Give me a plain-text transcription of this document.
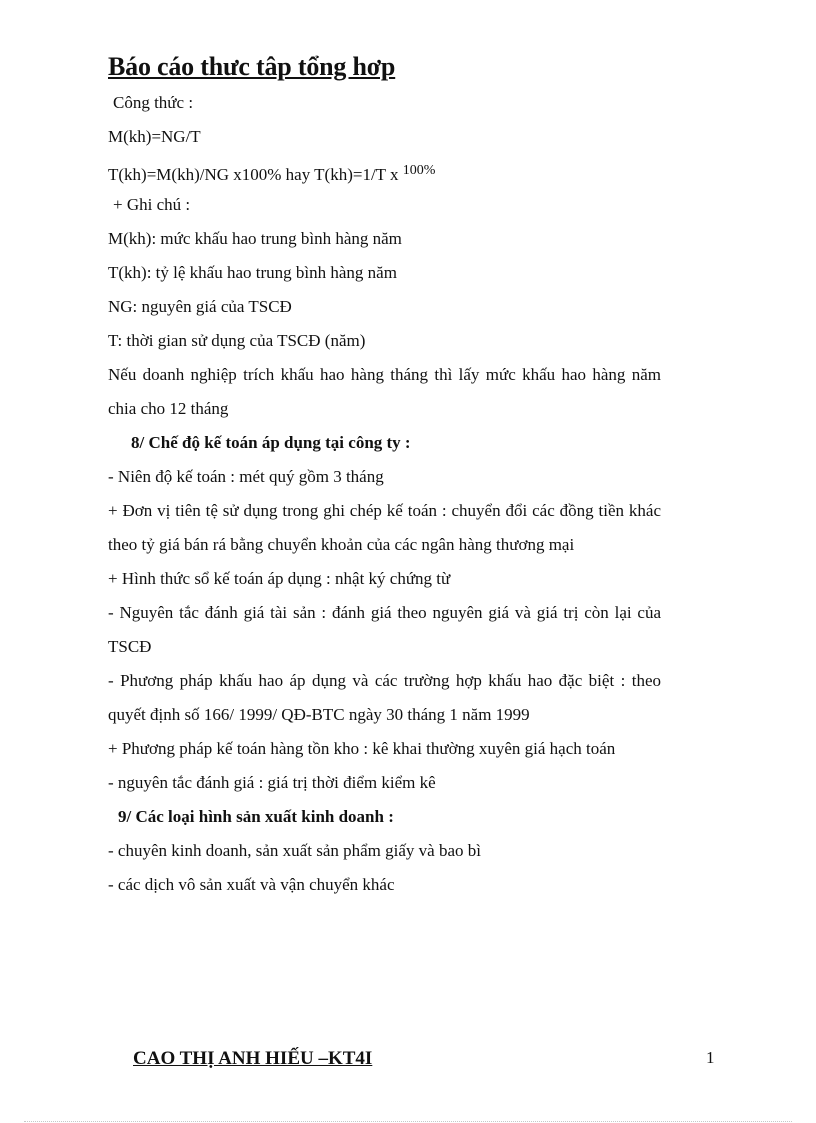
Báo cáo thưc tâp tổng hơp
Công thức :
M(kh)=NG/T
T(kh)=M(kh)/NG x100% hay T(kh)=1/T x $^{100\%}$
+ Ghi chú :
M(kh): mức khấu hao trung bình hàng năm
T(kh): tỷ lệ khấu hao trung bình hàng năm
NG: nguyên giá của TSCĐ
T: thời gian sử dụng của TSCĐ (năm)
Nếu doanh nghiệp trích khấu hao hàng tháng thì lấy mức khấu hao hàng năm chia cho 12 tháng
8/ Chế độ kế toán áp dụng tại công ty :
- Niên độ kế toán : mét quý gồm 3 tháng
+ Đơn vị tiên tệ sử dụng trong ghi chép kế toán : chuyển đổi các đồng tiền khác theo tỷ giá bán rá bằng chuyển khoản của các ngân hàng thương mại
+ Hình thức sổ kế toán áp dụng : nhật ký chứng từ
- Nguyên tắc đánh giá tài sản : đánh giá theo nguyên giá và giá trị còn lại của TSCĐ
- Phương pháp khấu hao áp dụng và các trường hợp khấu hao đặc biệt : theo quyết định số 166/ 1999/ QĐ-BTC ngày 30 tháng 1 năm 1999
+ Phương pháp kế toán hàng tồn kho : kê khai thường xuyên giá hạch toán
- nguyên tắc đánh giá : giá trị thời điểm kiểm kê
9/ Các loại hình sản xuất kinh doanh :
- chuyên kinh doanh, sản xuất sản phẩm giấy và bao bì
- các dịch vô sản xuất và vận chuyển khác
CAO THỊ ANH HIẾU –KT4I	1
